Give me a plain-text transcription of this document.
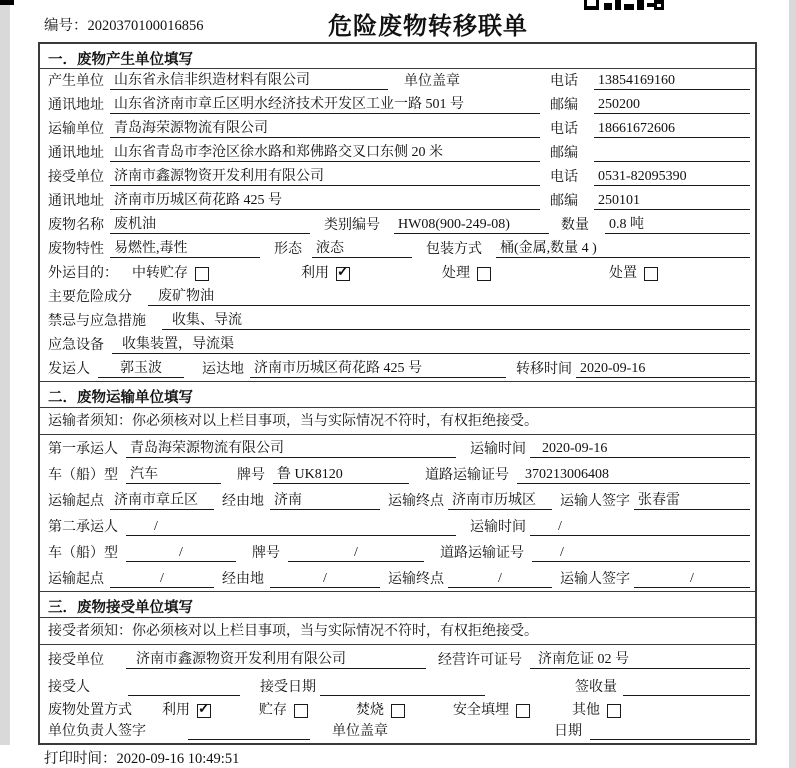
编号：2020370100016856	危险废物转移联单
一．废物产生单位填写
产生单位 山东省永信非织造材料有限公司	单位盖章	电话	13854169160
通讯地址 山东省济南市章丘区明水经济技术开发区工业一路 501 号	邮编	250200
运输单位 青岛海荣源物流有限公司	电话	18661672606
通讯地址 山东省青岛市李沧区徐水路和郑佛路交叉口东侧 20 米	邮编
接受单位 济南市鑫源物资开发利用有限公司	电话	0531-82095390
通讯地址 济南市历城区荷花路 425 号	邮编	250101
废物名称 废机油	类别编号	HW08(900-249-08)	数量	0.8 吨
废物特性 易燃性,毒性	形态	液态	包装方式	桶(金属,数量 4 )
外运目的： 中转贮存	利用 ✓	处理	处置
主要危险成分	废矿物油
禁忌与应急措施	收集、导流
应急设备	收集装置，导流渠
发运人	郭玉波	运达地 济南市历城区荷花路 425 号	转移时间 2020-09-16
二．废物运输单位填写
运输者须知：你必须核对以上栏目事项，当与实际情况不符时，有权拒绝接受。
第一承运人 青岛海荣源物流有限公司	运输时间	2020-09-16
车（船）型 汽车	牌号 鲁 UK8120	道路运输证号	370213006408
运输起点 济南市章丘区	经由地 济南	运输终点 济南市历城区	运输人签字 张春雷
第二承运人	/	运输时间	/
车（船）型	/	牌号	/	道路运输证号	/
运输起点	/	经由地	/	运输终点	/	运输人签字	/
三．废物接受单位填写
接受者须知：你必须核对以上栏目事项，当与实际情况不符时，有权拒绝接受。
接受单位	济南市鑫源物资开发利用有限公司	经营许可证号	济南危证 02 号
接受人	接受日期	签收量
废物处置方式 利用 ✓	贮存	焚烧	安全填埋	其他
单位负责人签字	单位盖章	日期
打印时间：2020-09-16 10:49:51
